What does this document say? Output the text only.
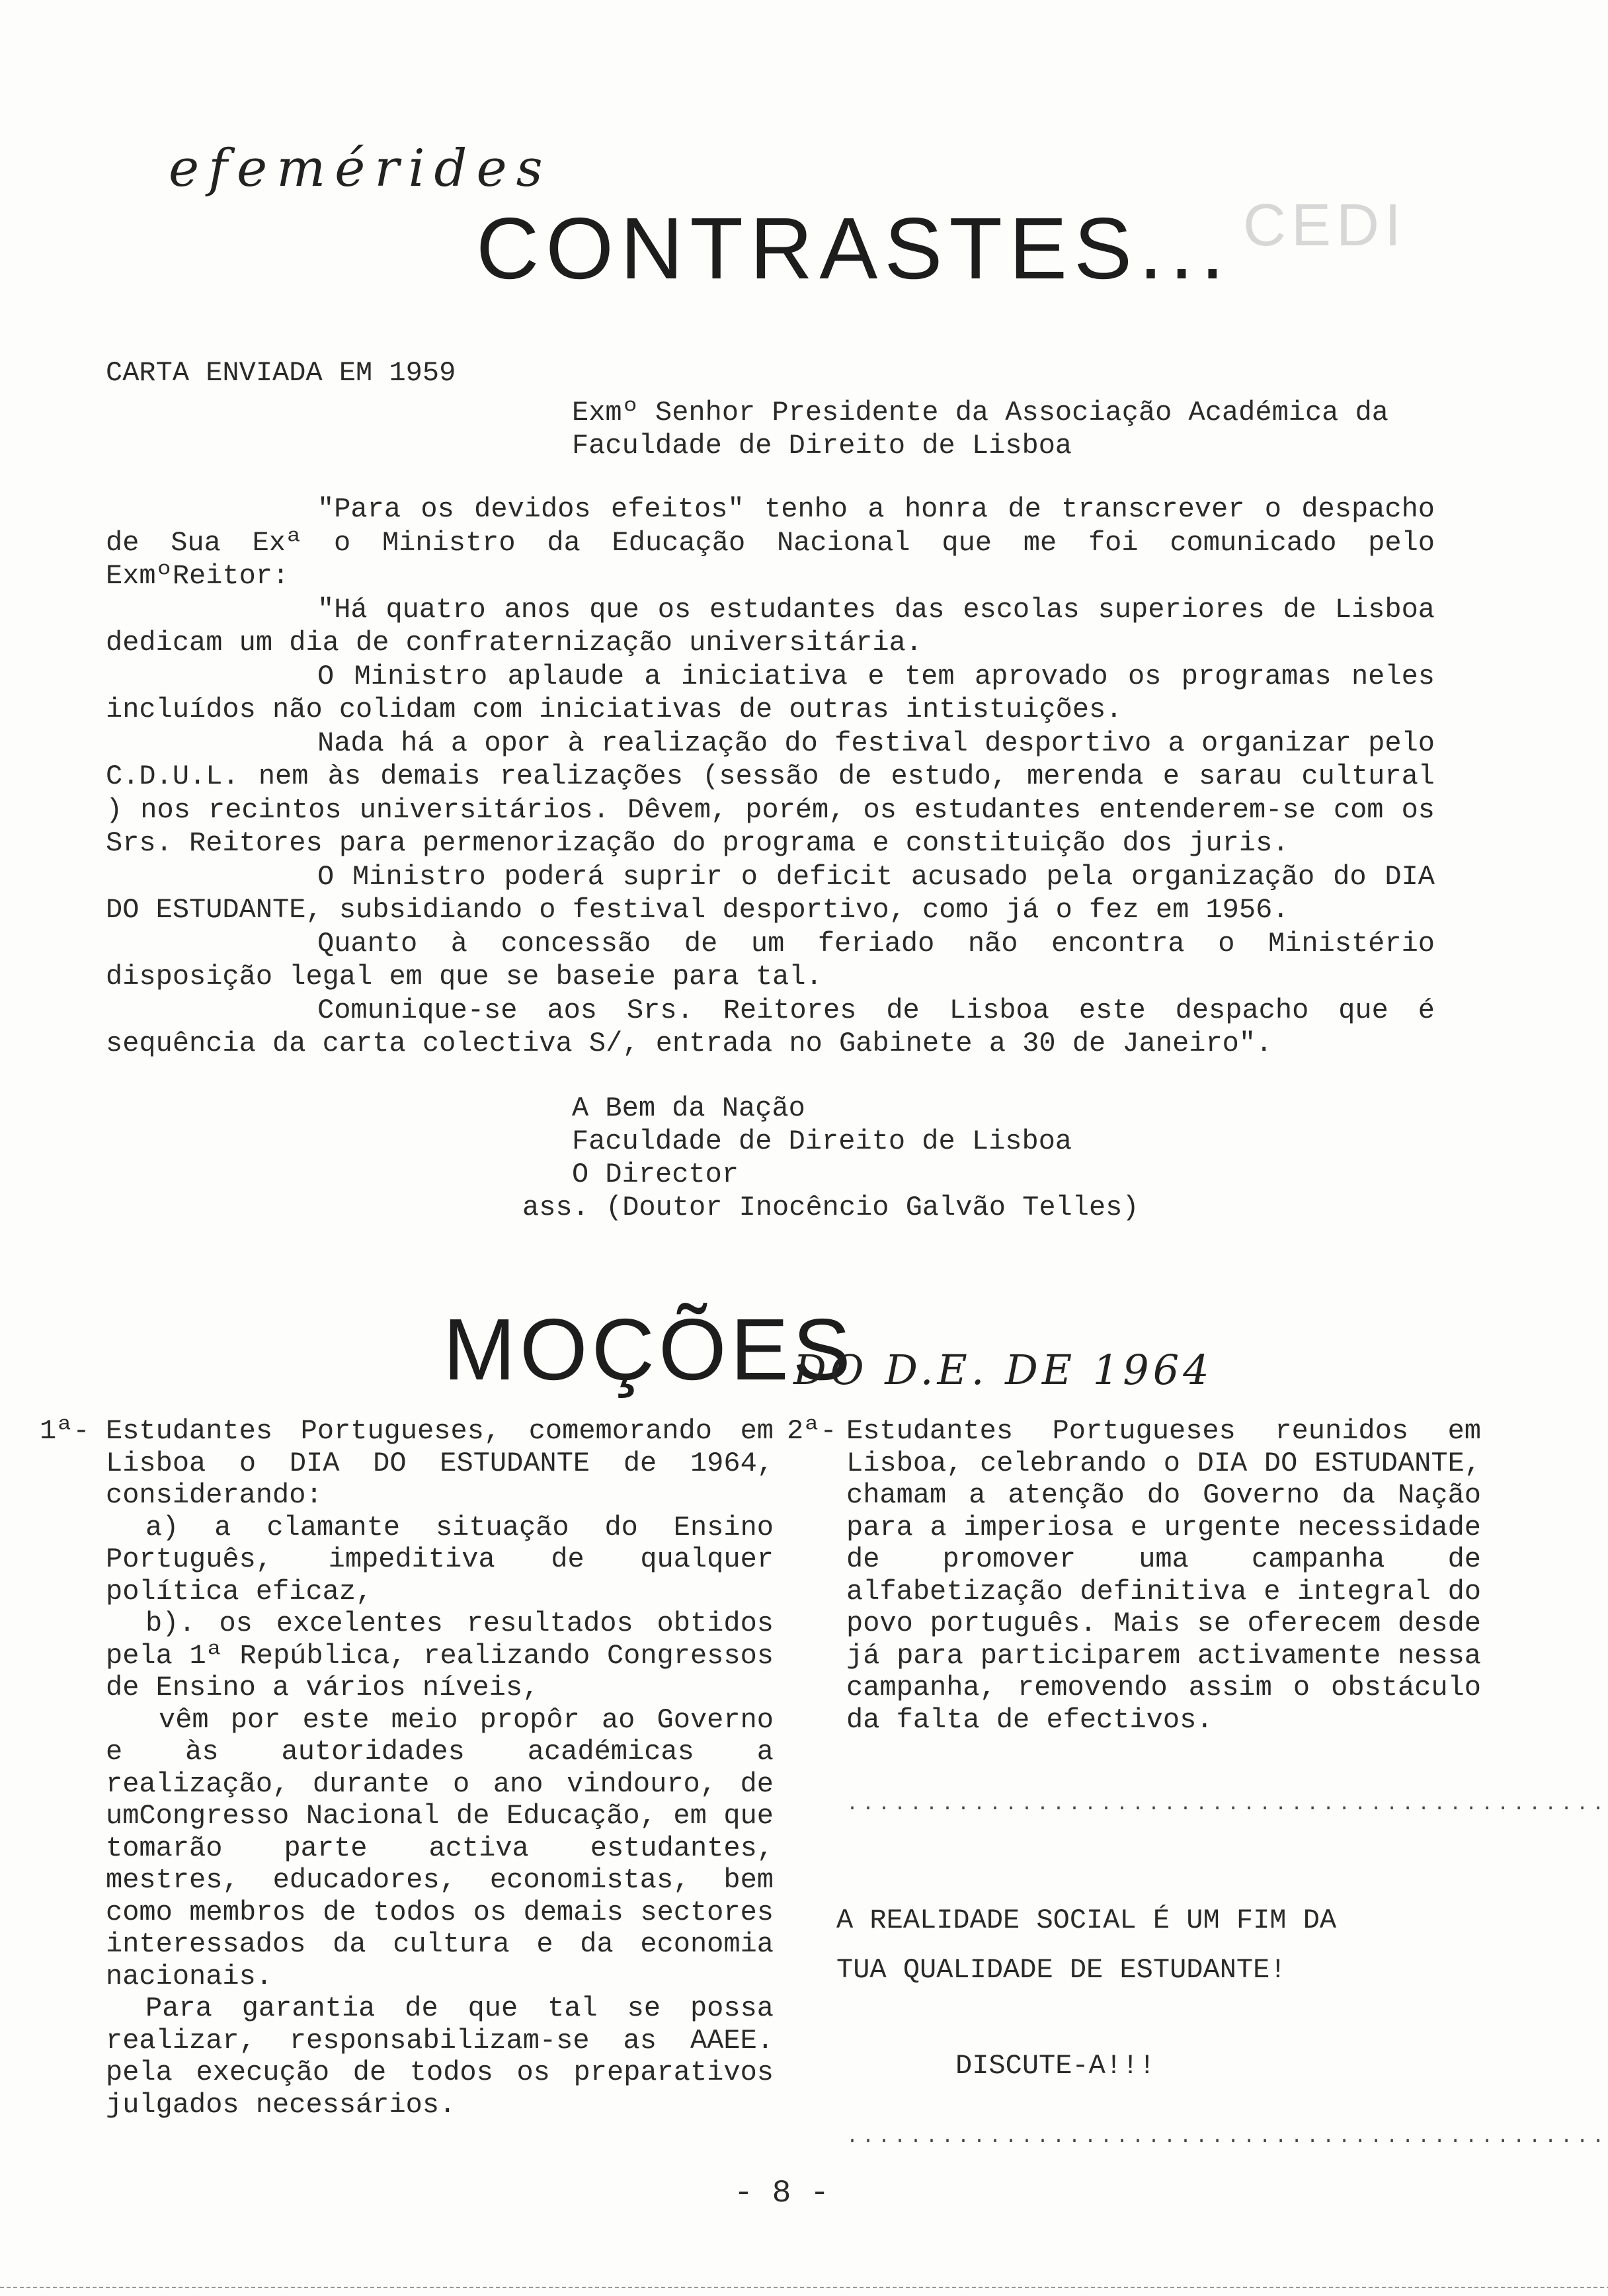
CEDI
efemérides
CONTRASTES...
CARTA ENVIADA EM 1959
Exmº Senhor Presidente da Associação Académica da
Faculdade de Direito de Lisboa

"Para os devidos efeitos" tenho a honra de transcrever o despacho de Sua Exª o Ministro da Educação Nacional que me foi comunicado pelo ExmºReitor:

"Há quatro anos que os estudantes das escolas superiores de Lisboa dedicam um dia de confraternização universitária.

O Ministro aplaude a iniciativa e tem aprovado os programas neles incluídos não colidam com iniciativas de outras intistuições.

Nada há a opor à realização do festival desportivo a organizar pelo C.D.U.L. nem às demais realizações (sessão de estudo, merenda e sarau cultural ) nos recintos universitários. Dêvem, porém, os estudantes entenderem-se com os Srs. Reitores para permenorização do programa e constituição dos juris.

O Ministro poderá suprir o deficit acusado pela organização do DIA DO ESTUDANTE, subsidiando o festival desportivo, como já o fez em 1956.

Quanto à concessão de um feriado não encontra o Ministério disposição legal em que se baseie para tal.

Comunique-se aos Srs. Reitores de Lisboa este despacho que é sequência da carta colectiva S/, entrada no Gabinete a 30 de Janeiro".

A Bem da Nação
Faculdade de Direito de Lisboa
O Director
ass. (Doutor Inocêncio Galvão Telles)
MOÇÕES
DO D.E. DE 1964
1ª- Estudantes Portugueses, comemorando em Lisboa o DIA DO ESTUDANTE de 1964, considerando:

a) a clamante situação do Ensino Português, impeditiva de qualquer política eficaz,

b). os excelentes resultados obtidos pela 1ª República, realizando Congressos de Ensino a vários níveis,

vêm por este meio propôr ao Governo e às autoridades académicas a realização, durante o ano vindouro, de umCongresso Nacional de Educação, em que tomarão parte activa estudantes, mestres, educadores, economistas, bem como membros de todos os demais sectores interessados da cultura e da economia nacionais.

Para garantia de que tal se possa realizar, responsabilizam-se as AAEE. pela execução de todos os preparativos julgados necessários.

2ª- Estudantes Portugueses reunidos em Lisboa, celebrando o DIA DO ESTUDANTE, chamam a atenção do Governo da Nação para a imperiosa e urgente necessidade de promover uma campanha de alfabetização definitiva e integral do povo português. Mais se oferecem desde já para participarem activamente nessa campanha, removendo assim o obstáculo da falta de efectivos.

................................................
A REALIDADE SOCIAL É UM FIM DA
TUA QUALIDADE DE ESTUDANTE!
DISCUTE-A!!!
................................................
- 8 -
